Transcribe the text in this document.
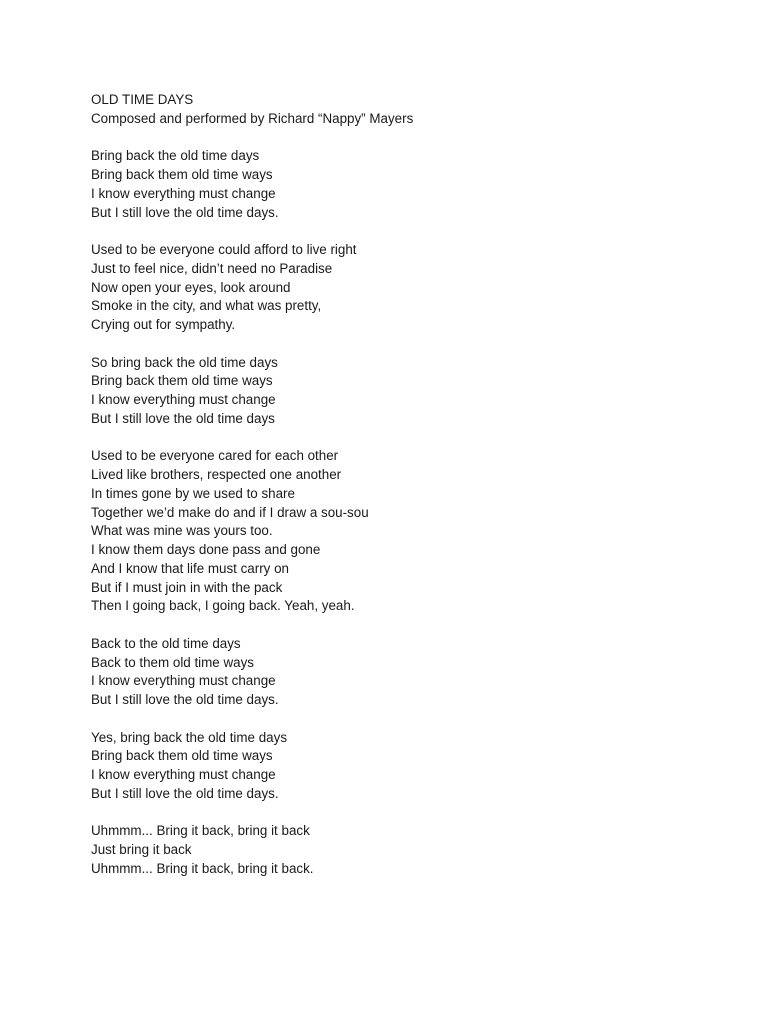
OLD TIME DAYS
Composed and performed by Richard “Nappy” Mayers
Bring back the old time days
Bring back them old time ways
I know everything must change
But I still love the old time days.
Used to be everyone could afford to live right
Just to feel nice, didn’t need no Paradise
Now open your eyes, look around
Smoke in the city, and what was pretty,
Crying out for sympathy.
So bring back the old time days
Bring back them old time ways
I know everything must change
But I still love the old time days
Used to be everyone cared for each other
Lived like brothers, respected one another
In times gone by we used to share
Together we’d make do and if I draw a sou-sou
What was mine was yours too.
I know them days done pass and gone
And I know that life must carry on
But if I must join in with the pack
Then I going back, I going back. Yeah, yeah.
Back to the old time days
Back to them old time ways
I know everything must change
But I still love the old time days.
Yes, bring back the old time days
Bring back them old time ways
I know everything must change
But I still love the old time days.
Uhmmm... Bring it back, bring it back
Just bring it back
Uhmmm... Bring it back, bring it back.
